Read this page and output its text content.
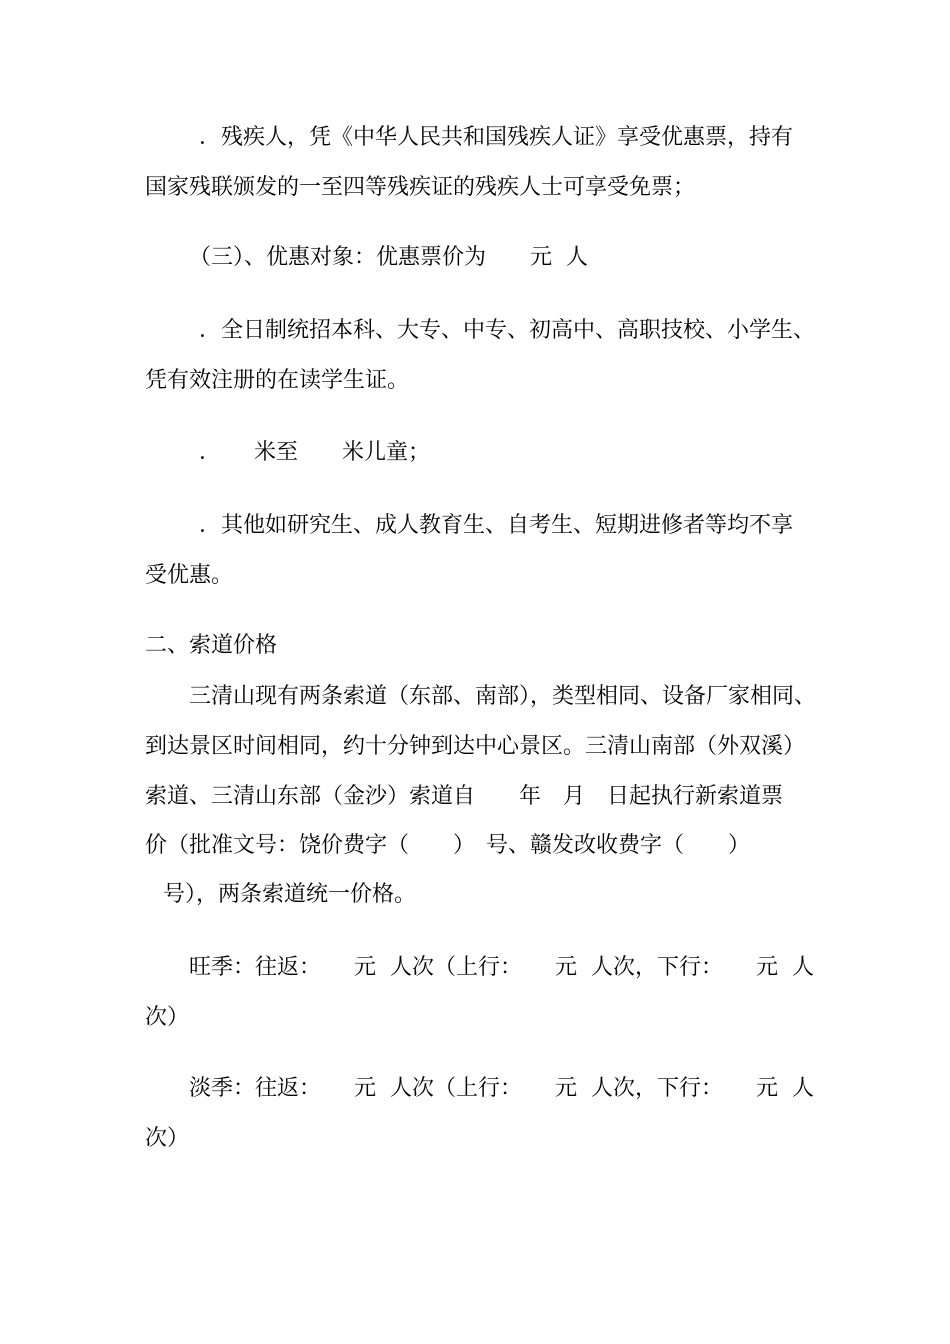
．残疾人，凭《中华人民共和国残疾人证》享受优惠票，持有
国家残联颁发的一至四等残疾证的残疾人士可享受免票；
（三）、优惠对象：优惠票价为　　元  人
．全日制统招本科、大专、中专、初高中、高职技校、小学生、
凭有效注册的在读学生证。
．　　米至　　米儿童；
．其他如研究生、成人教育生、自考生、短期进修者等均不享
受优惠。
二、索道价格
三清山现有两条索道（东部、南部），类型相同、设备厂家相同、
到达景区时间相同，约十分钟到达中心景区。三清山南部（外双溪）
索道、三清山东部（金沙）索道自　　年　月　日起执行新索道票
价（批准文号：饶价费字（　　）　号、赣发改收费字（　　）
号），两条索道统一价格。
旺季：往返：　　元  人次（上行：　　元  人次，下行：　　元  人
次）
淡季：往返：　　元  人次（上行：　　元  人次，下行：　　元  人
次）
